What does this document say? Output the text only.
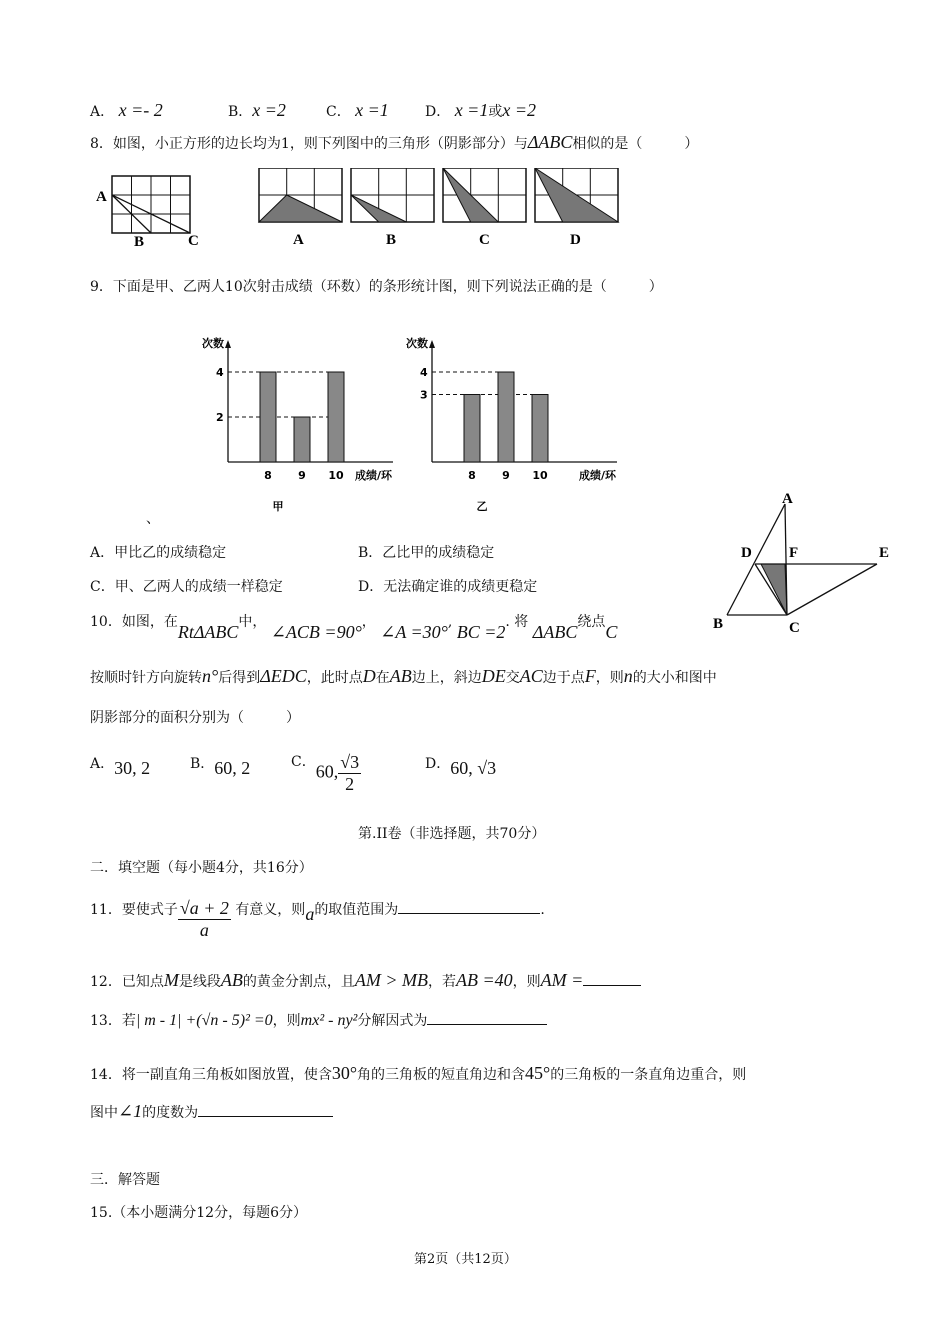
A． x =- 2	B．x =2	C． x =1	D． x =1或x =2
8．如图，小正方形的边长均为1，则下列图中的三角形（阴影部分）与ΔABC相似的是（　　　）
A
B	C	A	B	C	D
9．下面是甲、乙两人10次射击成绩（环数）的条形统计图，则下列说法正确的是（　　　）
次数
成绩/环
2
4
8 9 10
甲
次数
成绩/环
3
4
8 9 10
乙
、
A．甲比乙的成绩稳定	B．乙比甲的成绩稳定
C．甲、乙两人的成绩一样稳定	D．无法确定谁的成绩更稳定
A
D F	E
B	C
10．如图，在RtΔABC中， ∠ACB =90°， ∠A =30°, BC =2. 将 ΔABC绕点C
按顺时针方向旋转n°后得到ΔEDC，此时点D在AB边上，斜边DE交AC边于点F，则n的大小和图中
阴影部分的面积分别为（　　　）
A．30, 2	B．60, 2	C．60, $\frac{√3}{2}$	D．60, √3
第.II卷（非选择题，共70分）
二．填空题（每小题4分，共16分）
11．要使式子 $\frac{√a + 2}{a}$ 有意义，则a的取值范围为	.
12．已知点M是线段AB的黄金分割点，且AM > MB，若AB =40，则AM =
13．若| m - 1| +(√n - 5)² =0，则mx² - ny²分解因式为
14．将一副直角三角板如图放置，使含30°角的三角板的短直角边和含45°的三角板的一条直角边重合，则
图中∠1的度数为
三．解答题
15.（本小题满分12分，每题6分）
第2页（共12页）
